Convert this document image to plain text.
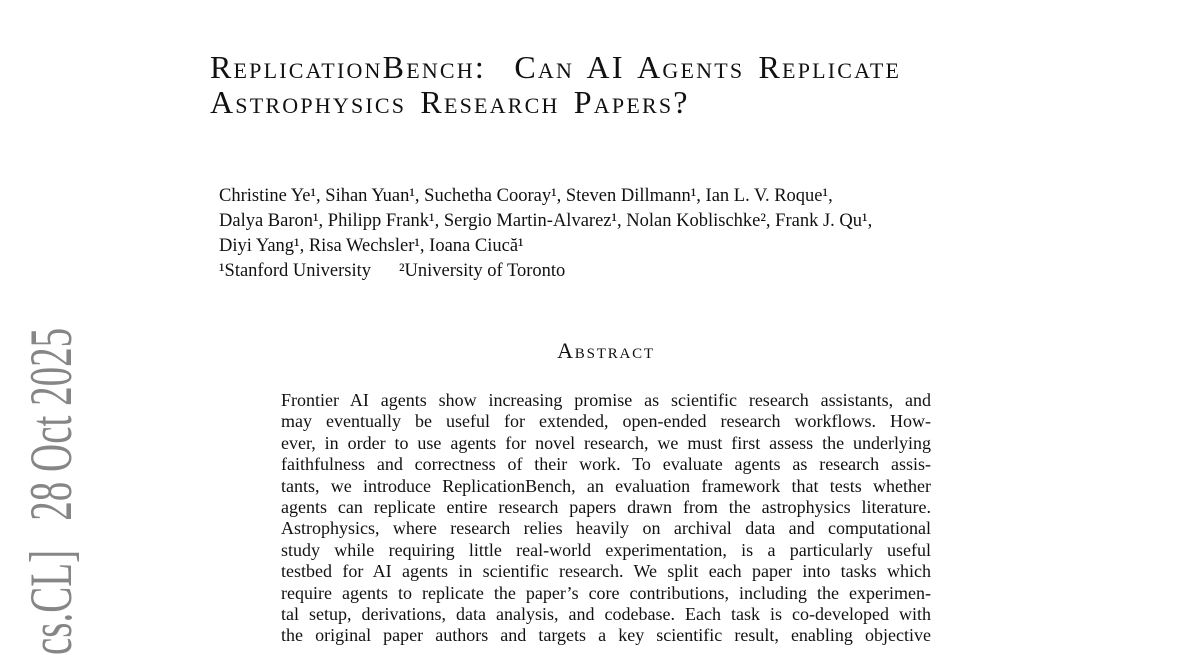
cs.CL]   28 Oct 2025
ReplicationBench:  Can AI Agents Replicate
Astrophysics Research Papers?
Christine Ye¹, Sihan Yuan¹, Suchetha Cooray¹, Steven Dillmann¹, Ian L. V. Roque¹,
Dalya Baron¹, Philipp Frank¹, Sergio Martin-Alvarez¹, Nolan Koblischke², Frank J. Qu¹,
Diyi Yang¹, Risa Wechsler¹, Ioana Ciucă¹
¹Stanford University ²University of Toronto
Abstract
Frontier AI agents show increasing promise as scientific research assistants, and
may eventually be useful for extended, open-ended research workflows. How-
ever, in order to use agents for novel research, we must first assess the underlying
faithfulness and correctness of their work. To evaluate agents as research assis-
tants, we introduce ReplicationBench, an evaluation framework that tests whether
agents can replicate entire research papers drawn from the astrophysics literature.
Astrophysics, where research relies heavily on archival data and computational
study while requiring little real-world experimentation, is a particularly useful
testbed for AI agents in scientific research. We split each paper into tasks which
require agents to replicate the paper’s core contributions, including the experimen-
tal setup, derivations, data analysis, and codebase. Each task is co-developed with
the original paper authors and targets a key scientific result, enabling objective
